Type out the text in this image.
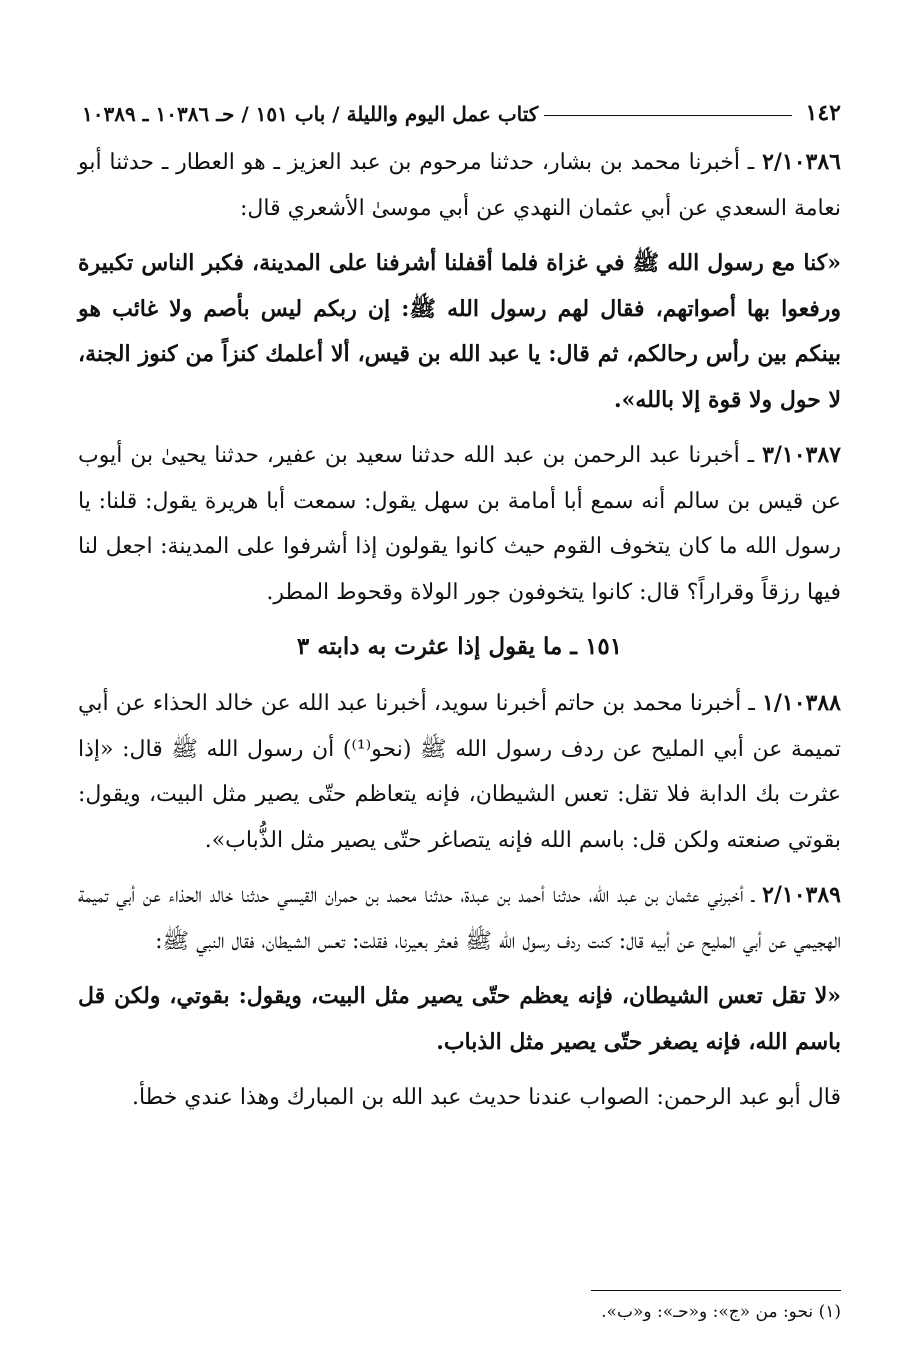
١٤٢
كتاب عمل اليوم والليلة / باب ١٥١ / حـ ١٠٣٨٦ ـ ١٠٣٨٩

٢/١٠٣٨٦ ـ أخبرنا محمد بن بشار، حدثنا مرحوم بن عبد العزيز ـ هو العطار ـ حدثنا أبو نعامة السعدي عن أبي عثمان النهدي عن أبي موسىٰ الأشعري قال:

«كنا مع رسول الله ﷺ في غزاة فلما أقفلنا أشرفنا على المدينة، فكبر الناس تكبيرة ورفعوا بها أصواتهم، فقال لهم رسول الله ﷺ: إن ربكم ليس بأصم ولا غائب هو بينكم بين رأس رحالكم، ثم قال: يا عبد الله بن قيس، ألا أعلمك كنزاً من كنوز الجنة، لا حول ولا قوة إلا بالله».

٣/١٠٣٨٧ ـ أخبرنا عبد الرحمن بن عبد الله حدثنا سعيد بن عفير، حدثنا يحيىٰ بن أيوب عن قيس بن سالم أنه سمع أبا أمامة بن سهل يقول: سمعت أبا هريرة يقول: قلنا: يا رسول الله ما كان يتخوف القوم حيث كانوا يقولون إذا أشرفوا على المدينة: اجعل لنا فيها رزقاً وقراراً؟ قال: كانوا يتخوفون جور الولاة وقحوط المطر.

١٥١ ـ ما يقول إذا عثرت به دابته ٣

١/١٠٣٨٨ ـ أخبرنا محمد بن حاتم أخبرنا سويد، أخبرنا عبد الله عن خالد الحذاء عن أبي تميمة عن أبي المليح عن ردف رسول الله ﷺ (نحو⁽¹⁾) أن رسول الله ﷺ قال: «إذا عثرت بك الدابة فلا تقل: تعس الشيطان، فإنه يتعاظم حتّى يصير مثل البيت، ويقول: بقوتي صنعته ولكن قل: باسم الله فإنه يتصاغر حتّى يصير مثل الذُّباب».

٢/١٠٣٨٩ ـ أخبرني عثمان بن عبد الله، حدثنا أحمد بن عبدة، حدثنا محمد بن حمران القيسي حدثنا خالد الحذاء عن أبي تميمة الهجيمي عن أبي المليح عن أبيه قال: كنت ردف رسول الله ﷺ فعثر بعيرنا، فقلت: تعس الشيطان، فقال النبي ﷺ:

«لا تقل تعس الشيطان، فإنه يعظم حتّى يصير مثل البيت، ويقول: بقوتي، ولكن قل باسم الله، فإنه يصغر حتّى يصير مثل الذباب.

قال أبو عبد الرحمن: الصواب عندنا حديث عبد الله بن المبارك وهذا عندي خطأ.

(١) نحو: من «ج»: و«حـ»: و«ب».
